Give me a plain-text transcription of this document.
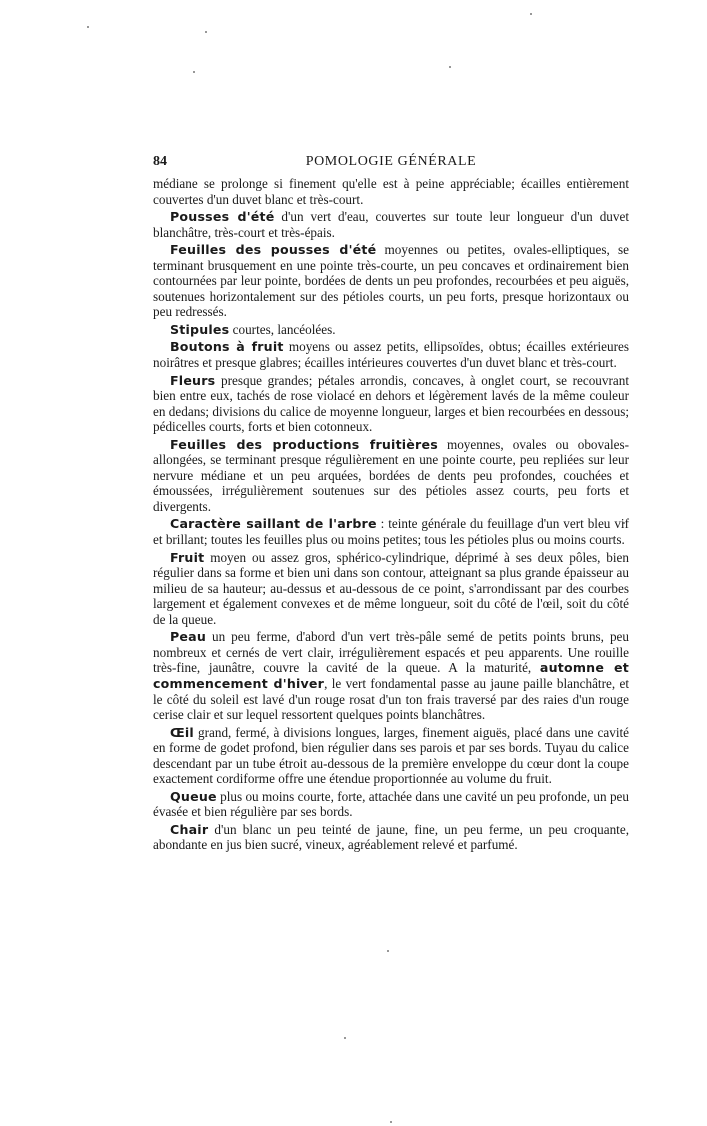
84	POMOLOGIE GÉNÉRALE

médiane se prolonge si finement qu'elle est à peine appréciable; écailles entièrement couvertes d'un duvet blanc et très-court.

Pousses d'été d'un vert d'eau, couvertes sur toute leur longueur d'un duvet blanchâtre, très-court et très-épais.

Feuilles des pousses d'été moyennes ou petites, ovales-elliptiques, se terminant brusquement en une pointe très-courte, un peu concaves et ordinairement bien contournées par leur pointe, bordées de dents un peu profondes, recourbées et peu aiguës, soutenues horizontalement sur des pétioles courts, un peu forts, presque horizontaux ou peu redressés.

Stipules courtes, lancéolées.

Boutons à fruit moyens ou assez petits, ellipsoïdes, obtus; écailles extérieures noirâtres et presque glabres; écailles intérieures couvertes d'un duvet blanc et très-court.

Fleurs presque grandes; pétales arrondis, concaves, à onglet court, se recouvrant bien entre eux, tachés de rose violacé en dehors et légèrement lavés de la même couleur en dedans; divisions du calice de moyenne longueur, larges et bien recourbées en dessous; pédicelles courts, forts et bien cotonneux.

Feuilles des productions fruitières moyennes, ovales ou obovales-allongées, se terminant presque régulièrement en une pointe courte, peu repliées sur leur nervure médiane et un peu arquées, bordées de dents peu profondes, couchées et émoussées, irrégulièrement soutenues sur des pétioles assez courts, peu forts et divergents.

Caractère saillant de l'arbre : teinte générale du feuillage d'un vert bleu vif et brillant; toutes les feuilles plus ou moins petites; tous les pétioles plus ou moins courts.

Fruit moyen ou assez gros, sphérico-cylindrique, déprimé à ses deux pôles, bien régulier dans sa forme et bien uni dans son contour, atteignant sa plus grande épaisseur au milieu de sa hauteur; au-dessus et au-dessous de ce point, s'arrondissant par des courbes largement et également convexes et de même longueur, soit du côté de l'œil, soit du côté de la queue.

Peau un peu ferme, d'abord d'un vert très-pâle semé de petits points bruns, peu nombreux et cernés de vert clair, irrégulièrement espacés et peu apparents. Une rouille très-fine, jaunâtre, couvre la cavité de la queue. A la maturité, automne et commencement d'hiver, le vert fondamental passe au jaune paille blanchâtre, et le côté du soleil est lavé d'un rouge rosat d'un ton frais traversé par des raies d'un rouge cerise clair et sur lequel ressortent quelques points blanchâtres.

Œil grand, fermé, à divisions longues, larges, finement aiguës, placé dans une cavité en forme de godet profond, bien régulier dans ses parois et par ses bords. Tuyau du calice descendant par un tube étroit au-dessous de la première enveloppe du cœur dont la coupe exactement cordiforme offre une étendue proportionnée au volume du fruit.

Queue plus ou moins courte, forte, attachée dans une cavité un peu profonde, un peu évasée et bien régulière par ses bords.

Chair d'un blanc un peu teinté de jaune, fine, un peu ferme, un peu croquante, abondante en jus bien sucré, vineux, agréablement relevé et parfumé.
